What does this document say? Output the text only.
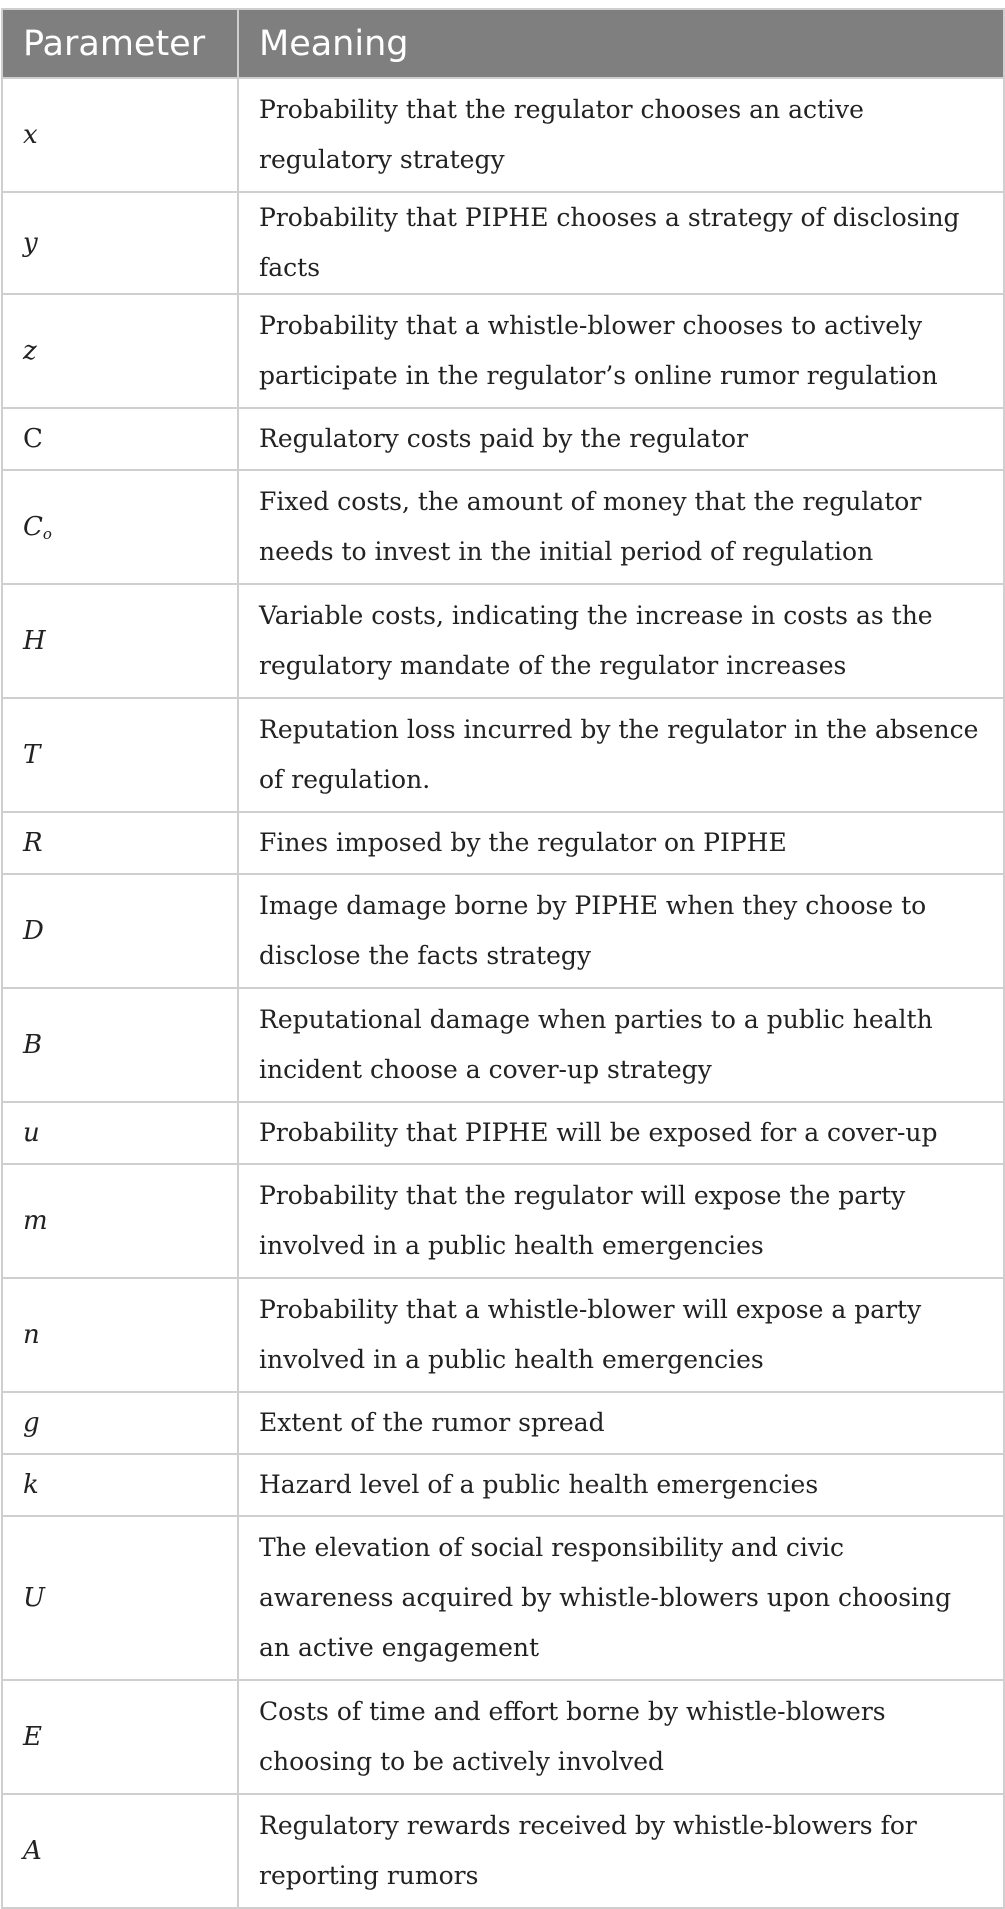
Parameter	Meaning
x	Probability that the regulator chooses an active regulatory strategy
y	Probability that PIPHE chooses a strategy of disclosing facts
z	Probability that a whistle-blower chooses to actively participate in the regulator’s online rumor regulation
C	Regulatory costs paid by the regulator
$C_o$	Fixed costs, the amount of money that the regulator needs to invest in the initial period of regulation
H	Variable costs, indicating the increase in costs as the regulatory mandate of the regulator increases
T	Reputation loss incurred by the regulator in the absence of regulation.
R	Fines imposed by the regulator on PIPHE
D	Image damage borne by PIPHE when they choose to disclose the facts strategy
B	Reputational damage when parties to a public health incident choose a cover-up strategy
u	Probability that PIPHE will be exposed for a cover-up
m	Probability that the regulator will expose the party involved in a public health emergencies
n	Probability that a whistle-blower will expose a party involved in a public health emergencies
g	Extent of the rumor spread
k	Hazard level of a public health emergencies
U	The elevation of social responsibility and civic awareness acquired by whistle-blowers upon choosing an active engagement
E	Costs of time and effort borne by whistle-blowers choosing to be actively involved
A	Regulatory rewards received by whistle-blowers for reporting rumors
